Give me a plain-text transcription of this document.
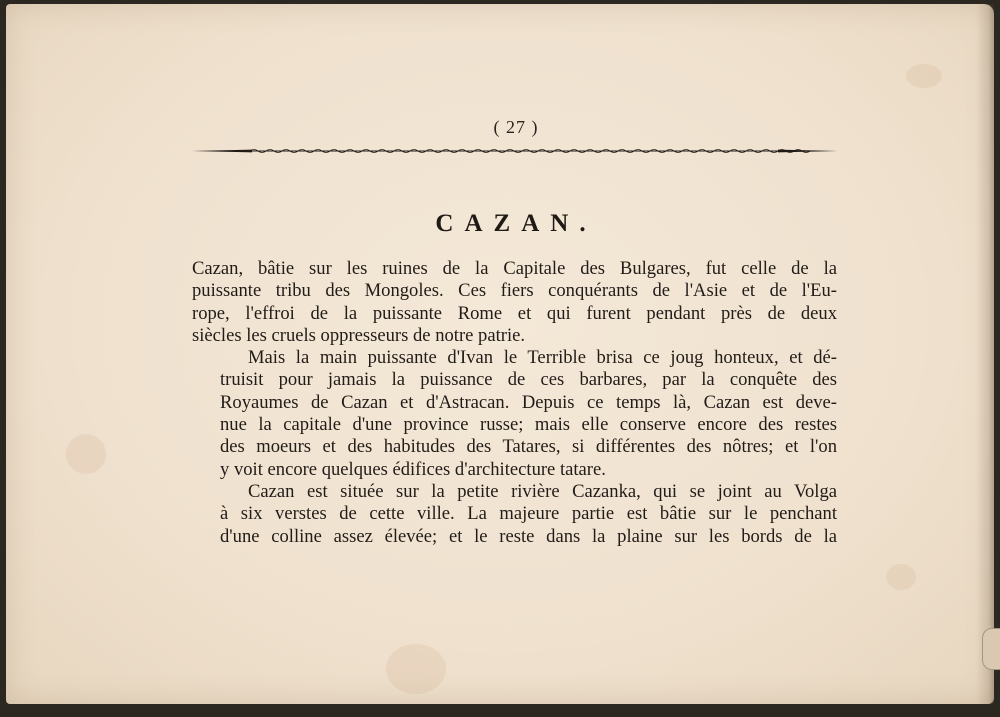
( 27 )
CAZAN.

Cazan, bâtie sur les ruines de la Capitale des Bulgares, fut celle de la
puissante tribu des Mongoles. Ces fiers conquérants de l'Asie et de l'Eu-
rope, l'effroi de la puissante Rome et qui furent pendant près de deux
siècles les cruels oppresseurs de notre patrie.

Mais la main puissante d'Ivan le Terrible brisa ce joug honteux, et dé-
truisit pour jamais la puissance de ces barbares, par la conquête des
Royaumes de Cazan et d'Astracan. Depuis ce temps là, Cazan est deve-
nue la capitale d'une province russe; mais elle conserve encore des restes
des moeurs et des habitudes des Tatares, si différentes des nôtres; et l'on
y voit encore quelques édifices d'architecture tatare.

Cazan est située sur la petite rivière Cazanka, qui se joint au Volga
à six verstes de cette ville. La majeure partie est bâtie sur le penchant
d'une colline assez élevée; et le reste dans la plaine sur les bords de la
